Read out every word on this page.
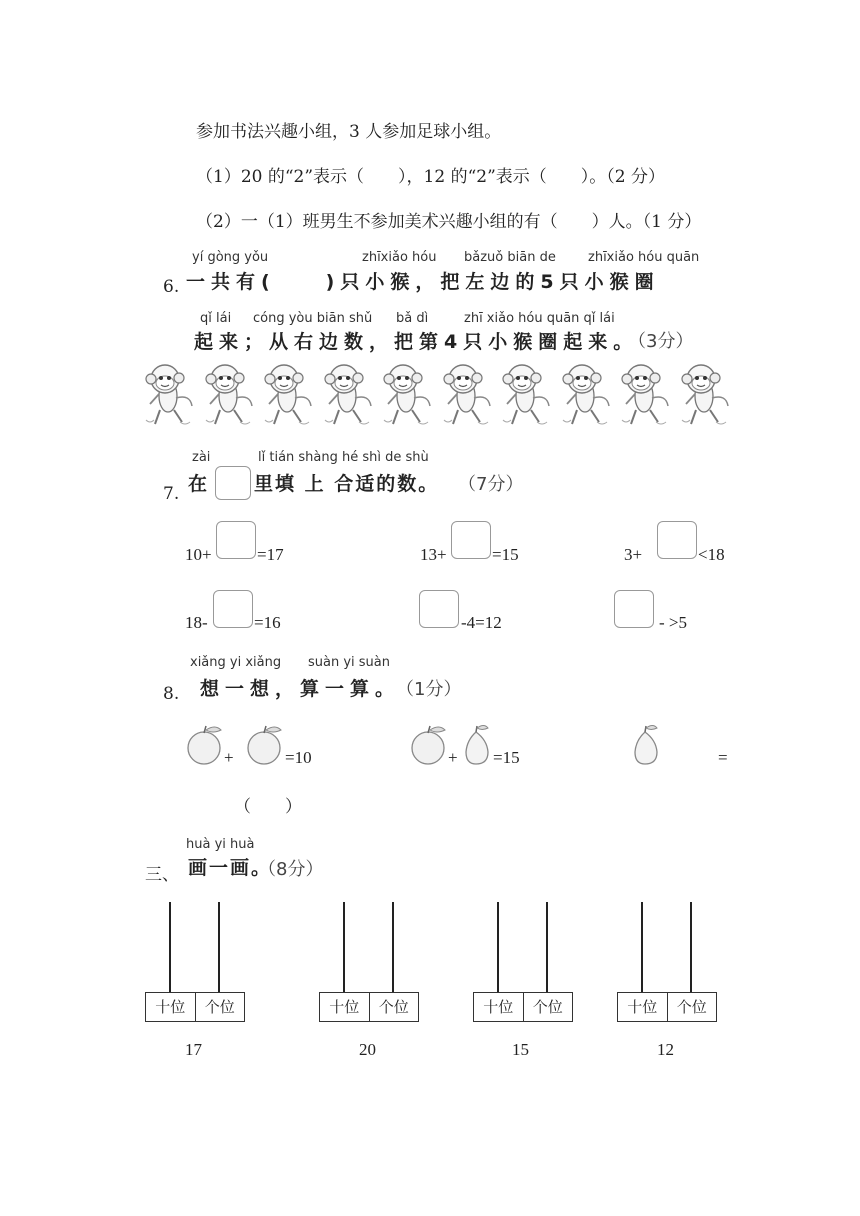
参加书法兴趣小组，3 人参加足球小组。
（1）20 的“2”表示（　　），12 的“2”表示（　　）。（2 分）
（2）一（1）班男生不参加美术兴趣小组的有（　　）人。（1 分）
yí gòng yǒu	zhīxiǎo hóu bǎzuǒ biān de zhīxiǎo hóu quān
6. 一共有(　　)只小猴，把左边的5只小猴圈
qǐ lái cóng yòu biān shǔ bǎ dì	zhī xiǎo hóu quān qǐ lái
起来；从右边数，把第4只小猴圈起来。
（3分）
zài	lǐ tián shàng hé shì de shù
7. 在 里填 上 合适的数。 （7分）
10+	=17	13+	=15	3+	<18
18-	=16	-4=12	- >5
xiǎng yi xiǎng suàn yi suàn
8. 想一想，算一算。
（1分）
+	=10	+ =15	=
（　　）
huà yi huà
三、 画一画。
（8分）
十位	个位
17
十位	个位
20
十位	个位
15
十位	个位
12
